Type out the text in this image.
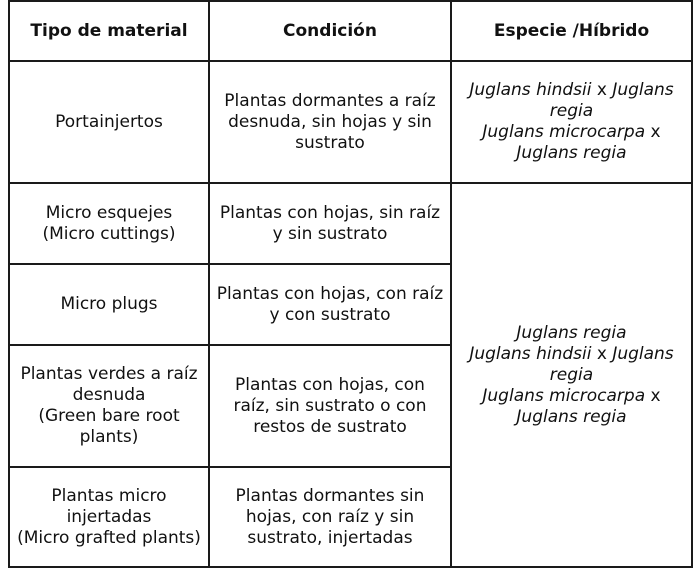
Tipo de material	Condición	Especie /Híbrido

Portainjertos	Plantas dormantes a raíz
desnuda, sin hojas y sin
sustrato	Juglans hindsii x Juglans
regia
Juglans microcarpa x
Juglans regia

Micro esquejes
(Micro cuttings)	Plantas con hojas, sin raíz
y sin sustrato	Juglans regia
Juglans hindsii x Juglans
regia
Juglans microcarpa x
Juglans regia

Micro plugs	Plantas con hojas, con raíz
y con sustrato	

Plantas verdes a raíz
desnuda
(Green bare root
plants)	Plantas con hojas, con
raíz, sin sustrato o con
restos de sustrato	

Plantas micro
injertadas
(Micro grafted plants)	Plantas dormantes sin
hojas, con raíz y sin
sustrato, injertadas	
